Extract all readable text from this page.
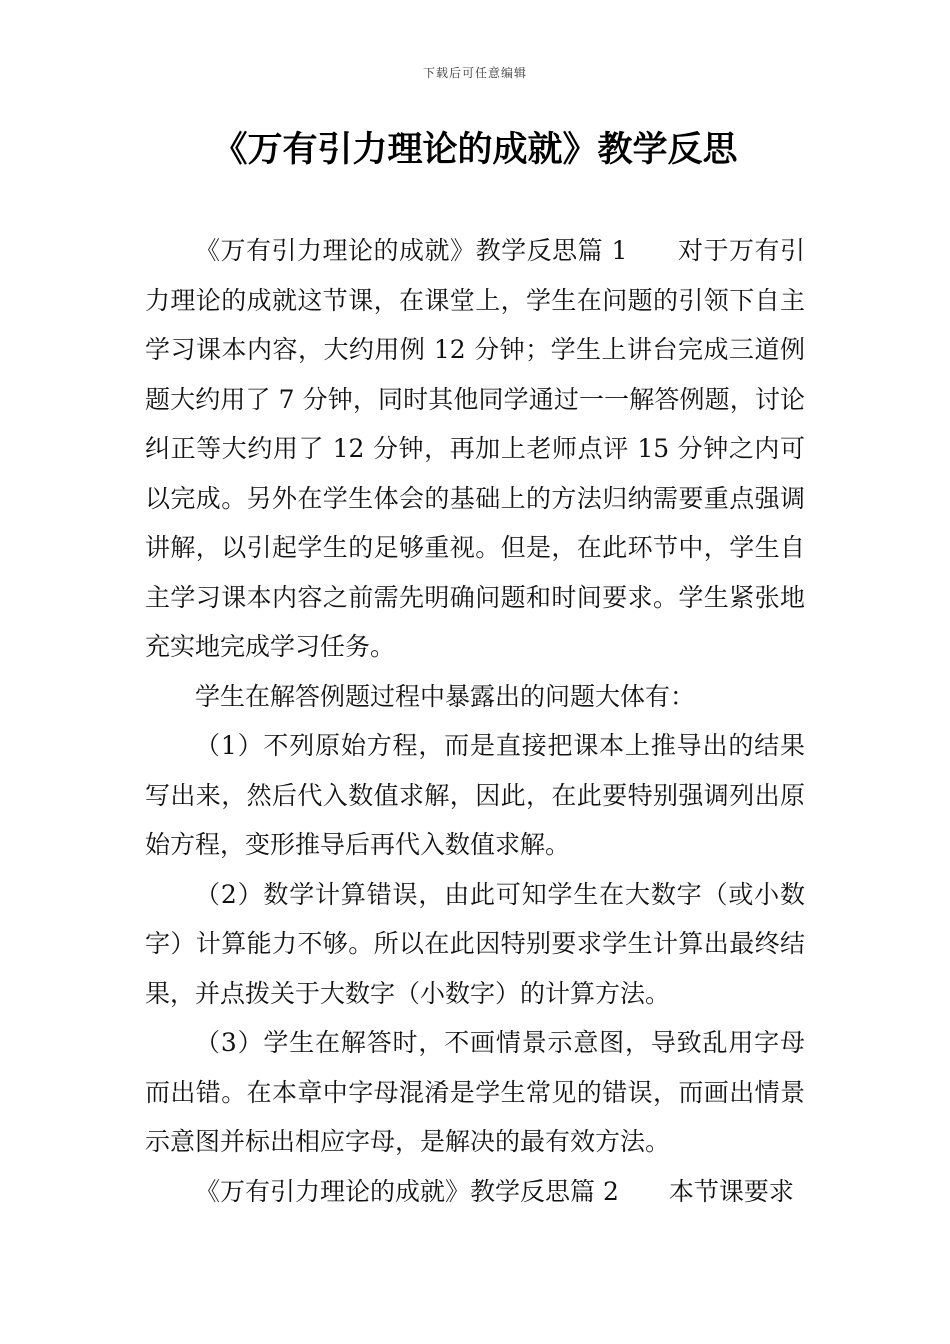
下载后可任意编辑
《万有引力理论的成就》教学反思

《万有引力理论的成就》教学反思篇 1 对于万有引力理论的成就这节课，在课堂上，学生在问题的引领下自主学习课本内容，大约用例 12 分钟；学生上讲台完成三道例题大约用了 7 分钟，同时其他同学通过一一解答例题，讨论纠正等大约用了 12 分钟，再加上老师点评 15 分钟之内可以完成。另外在学生体会的基础上的方法归纳需要重点强调讲解，以引起学生的足够重视。但是，在此环节中，学生自主学习课本内容之前需先明确问题和时间要求。学生紧张地充实地完成学习任务。

学生在解答例题过程中暴露出的问题大体有：

（1）不列原始方程，而是直接把课本上推导出的结果写出来，然后代入数值求解，因此，在此要特别强调列出原始方程，变形推导后再代入数值求解。

（2）数学计算错误，由此可知学生在大数字（或小数字）计算能力不够。所以在此因特别要求学生计算出最终结果，并点拨关于大数字（小数字）的计算方法。

（3）学生在解答时，不画情景示意图，导致乱用字母而出错。在本章中字母混淆是学生常见的错误，而画出情景示意图并标出相应字母，是解决的最有效方法。

《万有引力理论的成就》教学反思篇 2 本节课要求
